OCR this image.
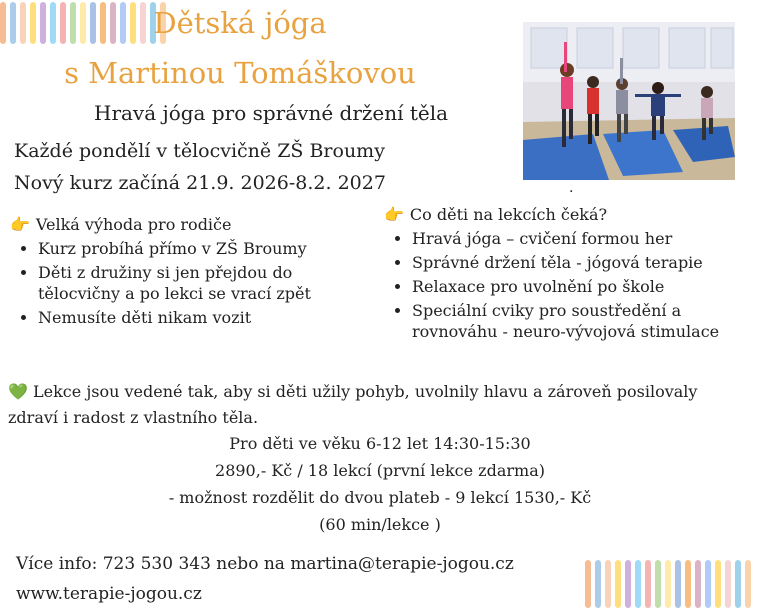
Dětská jóga
s Martinou Tomáškovou
Hravá jóga pro správné držení těla
Každé pondělí v tělocvičně ZŠ Broumy
Nový kurz začíná 21.9. 2026-8.2. 2027	.
👉 Velká výhoda pro rodiče
• Kurz probíhá přímo v ZŠ Broumy
• Děti z družiny si jen přejdou do tělocvičny a po lekci se vrací zpět
• Nemusíte děti nikam vozit
👉 Co děti na lekcích čeká?
• Hravá jóga – cvičení formou her
• Správné držení těla - jógová terapie
• Relaxace pro uvolnění po škole
• Speciální cviky pro soustředění a rovnováhu - neuro-vývojová stimulace
💚 Lekce jsou vedené tak, aby si děti užily pohyb, uvolnily hlavu a zároveň posilovaly zdraví i radost z vlastního těla.
Pro děti ve věku 6-12 let 14:30-15:30
2890,- Kč / 18 lekcí (první lekce zdarma)
- možnost rozdělit do dvou plateb - 9 lekcí 1530,- Kč
(60 min/lekce )
Více info: 723 530 343 nebo na martina@terapie-jogou.cz
www.terapie-jogou.cz
